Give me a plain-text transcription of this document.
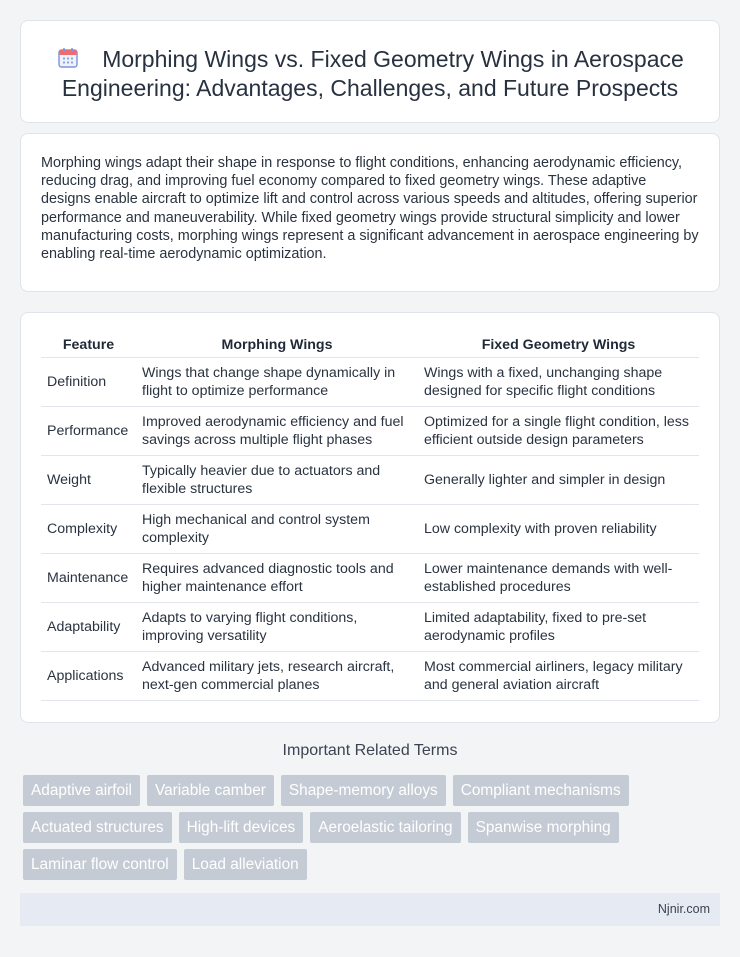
Morphing Wings vs. Fixed Geometry Wings in Aerospace Engineering: Advantages, Challenges, and Future Prospects

Morphing wings adapt their shape in response to flight conditions, enhancing aerodynamic efficiency, reducing drag, and improving fuel economy compared to fixed geometry wings. These adaptive designs enable aircraft to optimize lift and control across various speeds and altitudes, offering superior performance and maneuverability. While fixed geometry wings provide structural simplicity and lower manufacturing costs, morphing wings represent a significant advancement in aerospace engineering by enabling real-time aerodynamic optimization.

Feature	Morphing Wings	Fixed Geometry Wings
Definition	Wings that change shape dynamically in flight to optimize performance	Wings with a fixed, unchanging shape designed for specific flight conditions
Performance	Improved aerodynamic efficiency and fuel savings across multiple flight phases	Optimized for a single flight condition, less efficient outside design parameters
Weight	Typically heavier due to actuators and flexible structures	Generally lighter and simpler in design
Complexity	High mechanical and control system complexity	Low complexity with proven reliability
Maintenance	Requires advanced diagnostic tools and higher maintenance effort	Lower maintenance demands with well-established procedures
Adaptability	Adapts to varying flight conditions, improving versatility	Limited adaptability, fixed to pre-set aerodynamic profiles
Applications	Advanced military jets, research aircraft, next-gen commercial planes	Most commercial airliners, legacy military and general aviation aircraft
Important Related Terms
Adaptive airfoil	Variable camber	Shape-memory alloys	Compliant mechanisms
Actuated structures	High-lift devices	Aeroelastic tailoring	Spanwise morphing
Laminar flow control	Load alleviation
Njnir.com
